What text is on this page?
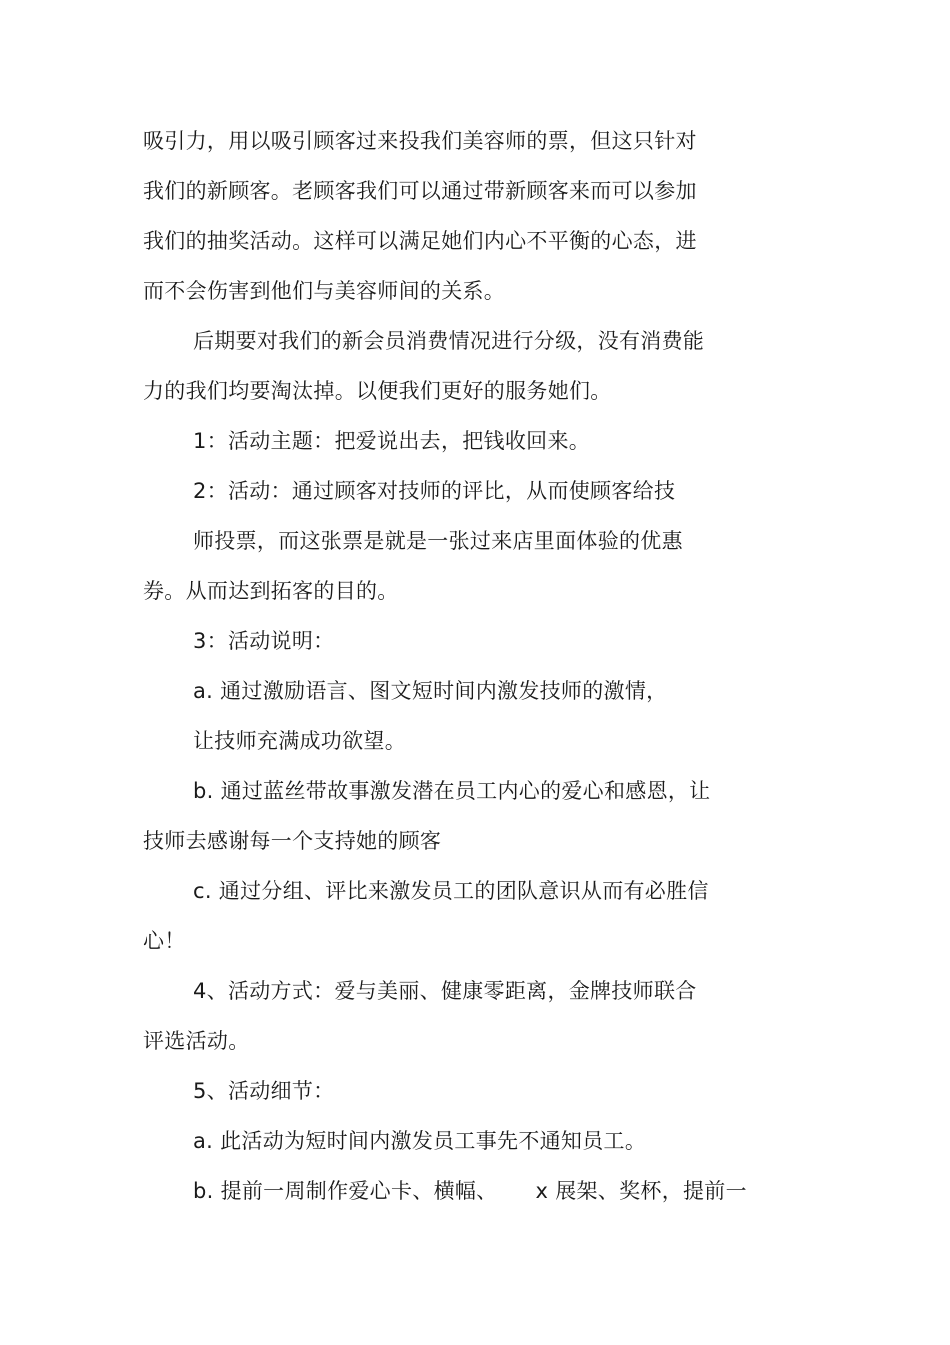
吸引力，用以吸引顾客过来投我们美容师的票，但这只针对
我们的新顾客。老顾客我们可以通过带新顾客来而可以参加
我们的抽奖活动。这样可以满足她们内心不平衡的心态，进
而不会伤害到他们与美容师间的关系。
后期要对我们的新会员消费情况进行分级，没有消费能
力的我们均要淘汰掉。以便我们更好的服务她们。
1：活动主题：把爱说出去，把钱收回来。
2：活动：通过顾客对技师的评比，从而使顾客给技
师投票，而这张票是就是一张过来店里面体验的优惠
券。从而达到拓客的目的。
3：活动说明：
a. 通过激励语言、图文短时间内激发技师的激情，
让技师充满成功欲望。
b. 通过蓝丝带故事激发潜在员工内心的爱心和感恩，让
技师去感谢每一个支持她的顾客
c. 通过分组、评比来激发员工的团队意识从而有必胜信
心！
4、活动方式：爱与美丽、健康零距离，金牌技师联合
评选活动。
5、活动细节：
a. 此活动为短时间内激发员工事先不通知员工。
b. 提前一周制作爱心卡、横幅、 x 展架、奖杯，提前一
